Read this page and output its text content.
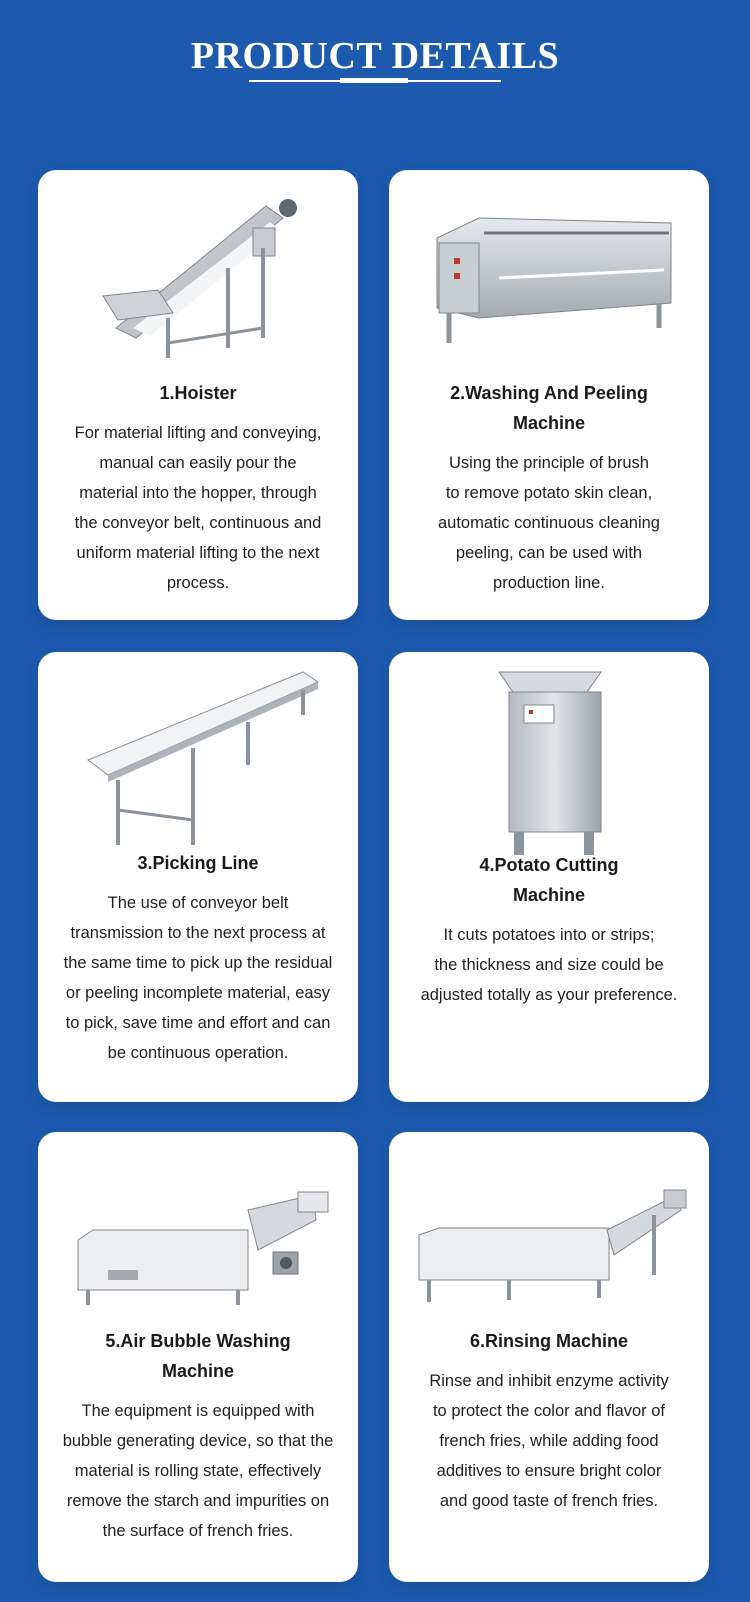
PRODUCT DETAILS
1.Hoister

For material lifting and conveying,
manual can easily pour the
material into the hopper, through
the conveyor belt, continuous and
uniform material lifting to the next
process.

2.Washing And Peeling
Machine

Using the principle of brush
to remove potato skin clean,
automatic continuous cleaning
peeling, can be used with
production line.

3.Picking Line

The use of conveyor belt
transmission to the next process at
the same time to pick up the residual
or peeling incomplete material, easy
to pick, save time and effort and can
be continuous operation.

4.Potato Cutting
Machine

It cuts potatoes into or strips;
the thickness and size could be
adjusted totally as your preference.

5.Air Bubble Washing
Machine

The equipment is equipped with
bubble generating device, so that the
material is rolling state, effectively
remove the starch and impurities on
the surface of french fries.

6.Rinsing Machine

Rinse and inhibit enzyme activity
to protect the color and flavor of
french fries, while adding food
additives to ensure bright color
and good taste of french fries.
